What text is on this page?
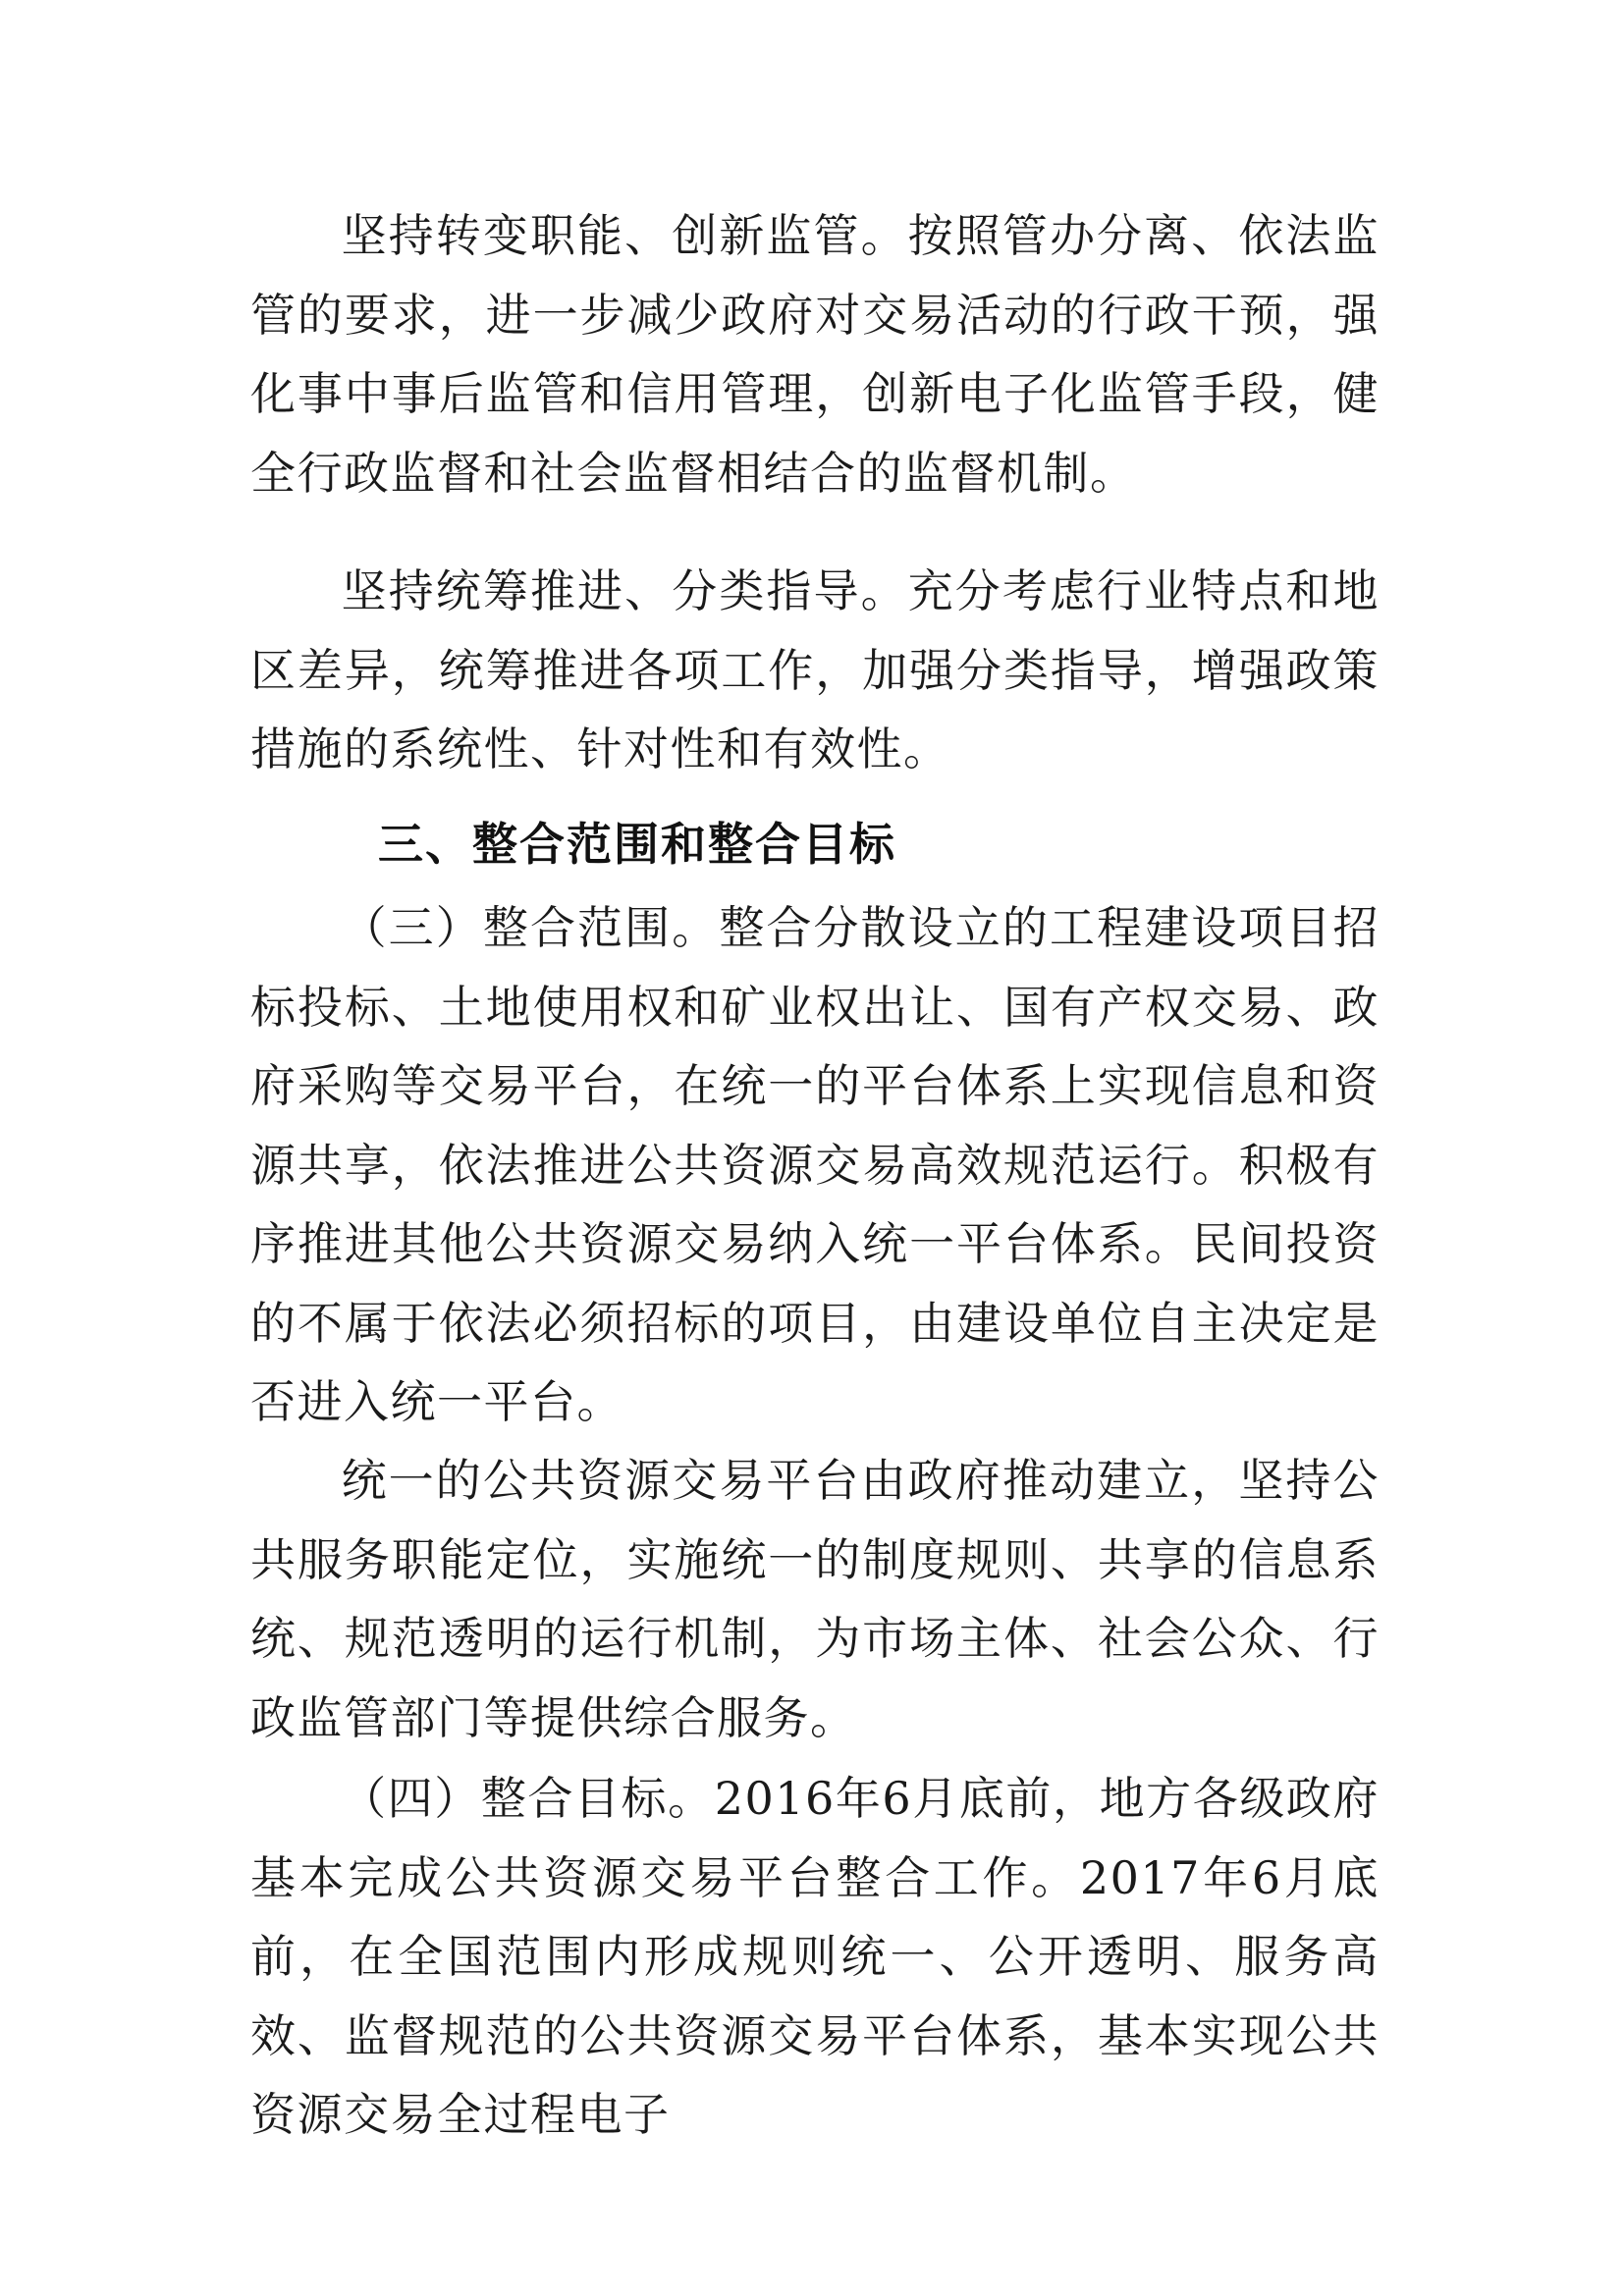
坚持转变职能、创新监管。按照管办分离、依法监管的要求，进一步减少政府对交易活动的行政干预，强化事中事后监管和信用管理，创新电子化监管手段，健全行政监督和社会监督相结合的监督机制。

坚持统筹推进、分类指导。充分考虑行业特点和地区差异，统筹推进各项工作，加强分类指导，增强政策措施的系统性、针对性和有效性。

三、整合范围和整合目标

（三）整合范围。整合分散设立的工程建设项目招标投标、土地使用权和矿业权出让、国有产权交易、政府采购等交易平台，在统一的平台体系上实现信息和资源共享，依法推进公共资源交易高效规范运行。积极有序推进其他公共资源交易纳入统一平台体系。民间投资的不属于依法必须招标的项目，由建设单位自主决定是否进入统一平台。

统一的公共资源交易平台由政府推动建立，坚持公共服务职能定位，实施统一的制度规则、共享的信息系统、规范透明的运行机制，为市场主体、社会公众、行政监管部门等提供综合服务。

（四）整合目标。2016年6月底前，地方各级政府基本完成公共资源交易平台整合工作。2017年6月底前，在全国范围内形成规则统一、公开透明、服务高效、监督规范的公共资源交易平台体系，基本实现公共资源交易全过程电子
